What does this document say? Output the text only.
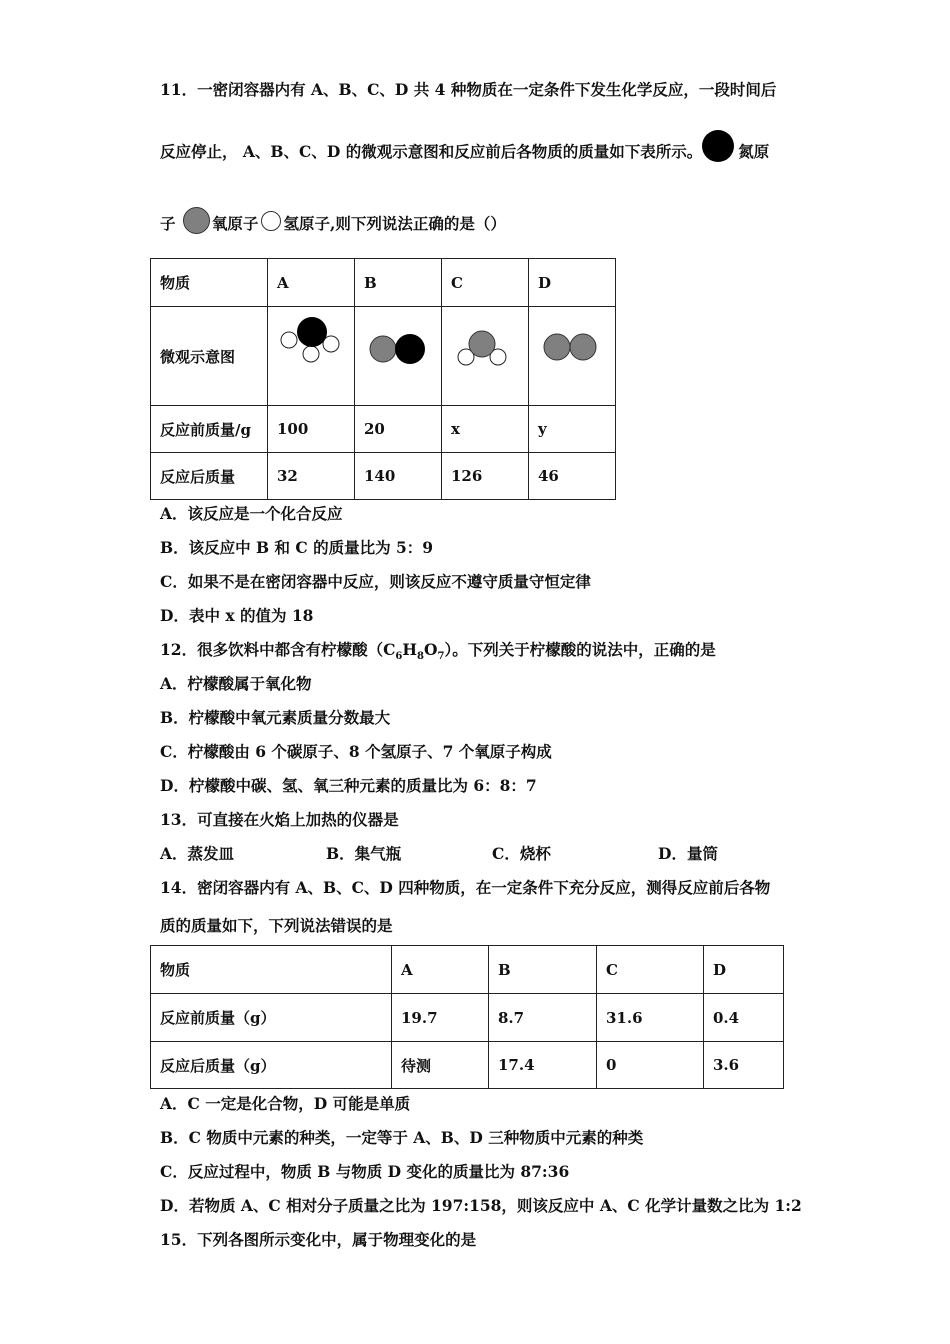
11．一密闭容器内有 A、B、C、D 共 4 种物质在一定条件下发生化学反应，一段时间后
反应停止， A、B、C、D 的微观示意图和反应前后各物质的质量如下表所示。 氮原
子 氧原子 氢原子,则下列说法正确的是（）
物质	A	B	C	D
微观示意图	

反应前质量/g	100	20	x	y
反应后质量	32	140	126	46
A．该反应是一个化合反应
B．该反应中 B 和 C 的质量比为 5：9
C．如果不是在密闭容器中反应，则该反应不遵守质量守恒定律
D．表中 x 的值为 18
12．很多饮料中都含有柠檬酸$(C_6H_8O_7)$。下列关于柠檬酸的说法中，正确的是
A．柠檬酸属于氧化物
B．柠檬酸中氧元素质量分数最大
C．柠檬酸由 6 个碳原子、8 个氢原子、7 个氧原子构成
D．柠檬酸中碳、氢、氧三种元素的质量比为 6：8：7
13．可直接在火焰上加热的仪器是
A．蒸发皿	B．集气瓶	C．烧杯	D．量筒
14．密闭容器内有 A、B、C、D 四种物质，在一定条件下充分反应，测得反应前后各物
质的质量如下，下列说法错误的是
物质	A	B	C	D
反应前质量（g）	19.7	8.7	31.6	0.4
反应后质量（g）	待测	17.4	0	3.6
A．C 一定是化合物，D 可能是单质
B．C 物质中元素的种类，一定等于 A、B、D 三种物质中元素的种类
C．反应过程中，物质 B 与物质 D 变化的质量比为 87:36
D．若物质 A、C 相对分子质量之比为 197:158，则该反应中 A、C 化学计量数之比为 1:2
15．下列各图所示变化中，属于物理变化的是
